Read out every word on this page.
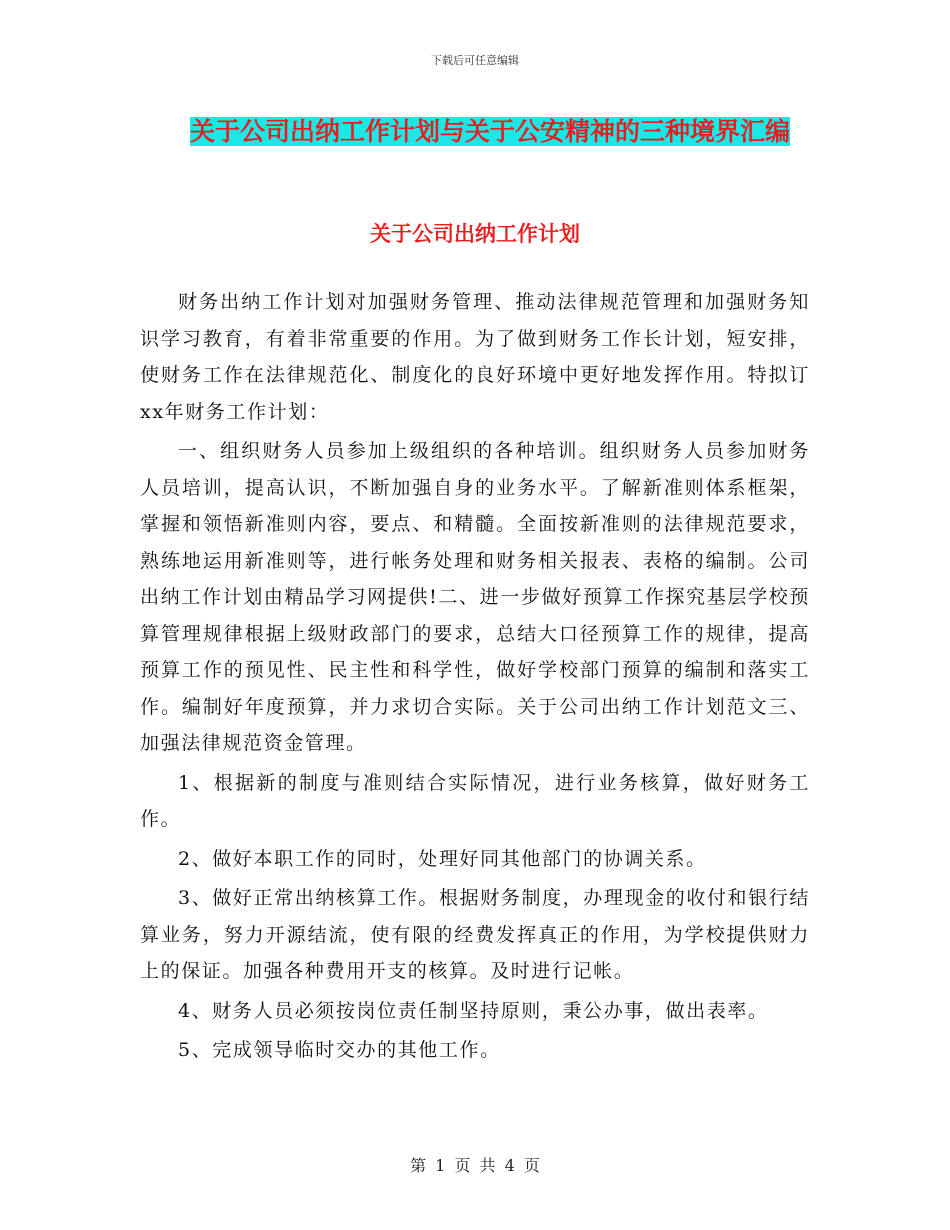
下载后可任意编辑
关于公司出纳工作计划与关于公安精神的三种境界汇编
关于公司出纳工作计划

财务出纳工作计划对加强财务管理、推动法律规范管理和加强财务知识学习教育，有着非常重要的作用。为了做到财务工作长计划，短安排，使财务工作在法律规范化、制度化的良好环境中更好地发挥作用。特拟订xx年财务工作计划：

一、组织财务人员参加上级组织的各种培训。组织财务人员参加财务人员培训，提高认识，不断加强自身的业务水平。了解新准则体系框架，掌握和领悟新准则内容，要点、和精髓。全面按新准则的法律规范要求，熟练地运用新准则等，进行帐务处理和财务相关报表、表格的编制。公司出纳工作计划由精品学习网提供!二、进一步做好预算工作探究基层学校预算管理规律根据上级财政部门的要求，总结大口径预算工作的规律，提高预算工作的预见性、民主性和科学性，做好学校部门预算的编制和落实工作。编制好年度预算，并力求切合实际。关于公司出纳工作计划范文三、加强法律规范资金管理。

1、根据新的制度与准则结合实际情况，进行业务核算，做好财务工作。

2、做好本职工作的同时，处理好同其他部门的协调关系。

3、做好正常出纳核算工作。根据财务制度，办理现金的收付和银行结算业务，努力开源结流，使有限的经费发挥真正的作用，为学校提供财力上的保证。加强各种费用开支的核算。及时进行记帐。

4、财务人员必须按岗位责任制坚持原则，秉公办事，做出表率。

5、完成领导临时交办的其他工作。

第 1 页 共 4 页
